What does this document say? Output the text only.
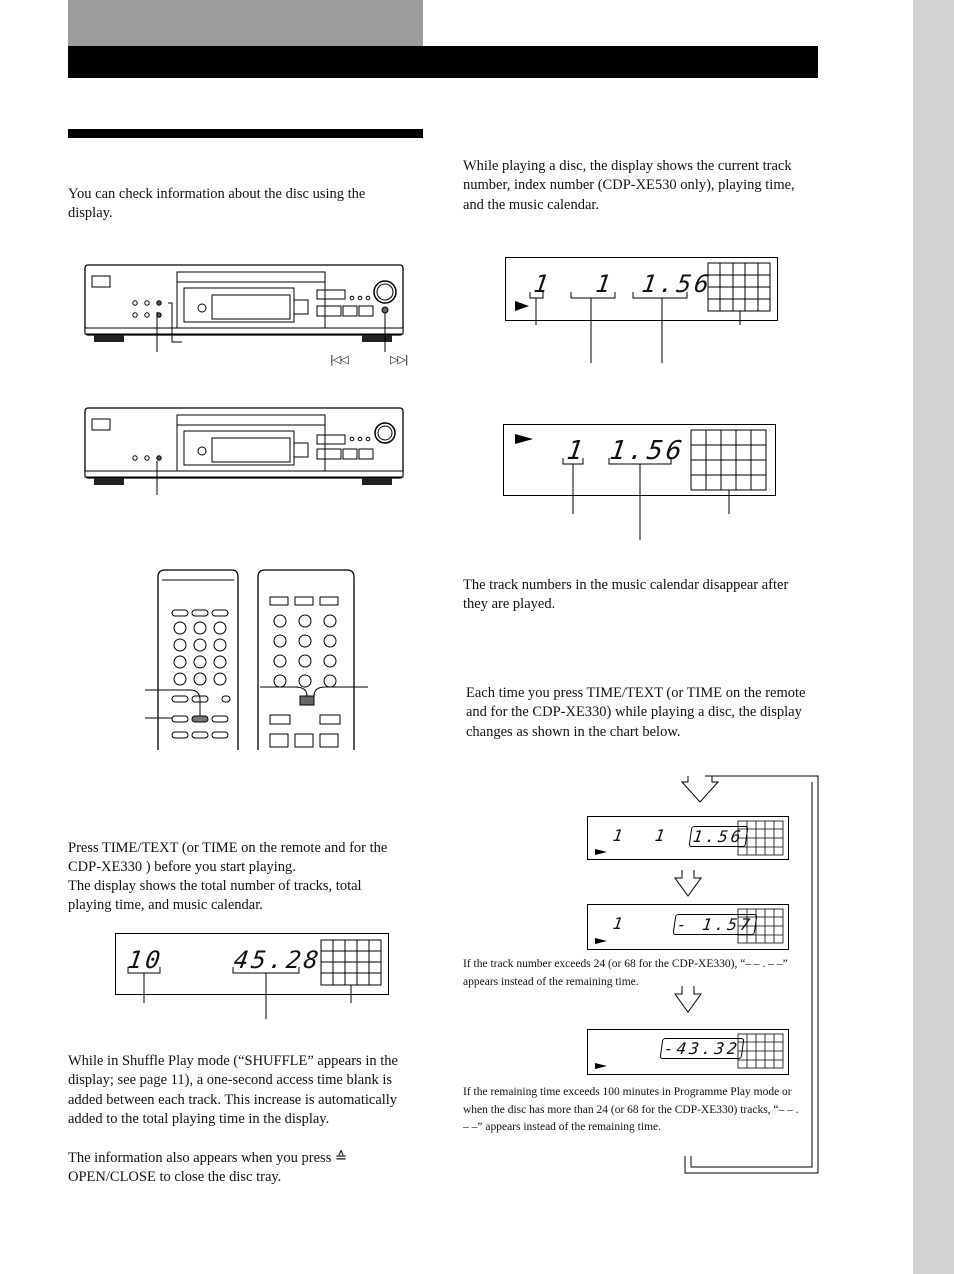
You can check information about the disc using the display.

|◁◁	▷▷|

Press TIME/TEXT (or TIME on the remote and for the CDP-XE330 ) before you start playing.

The display shows the total number of tracks, total playing time, and music calendar.

10	45.28

While in Shuffle Play mode (“SHUFFLE” appears in the display; see page 11), a one-second access time blank is added between each track. This increase is automatically added to the total playing time in the display.

The information also appears when you press ≙ OPEN/CLOSE to close the disc tray.

While playing a disc, the display shows the current track number, index number (CDP-XE530 only), playing time, and the music calendar.

1 1 1.56
1 1.56

The track numbers in the music calendar disappear after they are played.

Each time you press TIME/TEXT (or TIME on the remote and for the CDP-XE330) while playing a disc, the display changes as shown in the chart below.

1 1 1.56
1	- 1.57
If the track number exceeds 24 (or 68 for the CDP-XE330), “– – . – –” appears instead of the remaining time.
-43.32
If the remaining time exceeds 100 minutes in Programme Play mode or when the disc has more than 24 (or 68 for the CDP-XE330) tracks, “– – . – –” appears instead of the remaining time.
